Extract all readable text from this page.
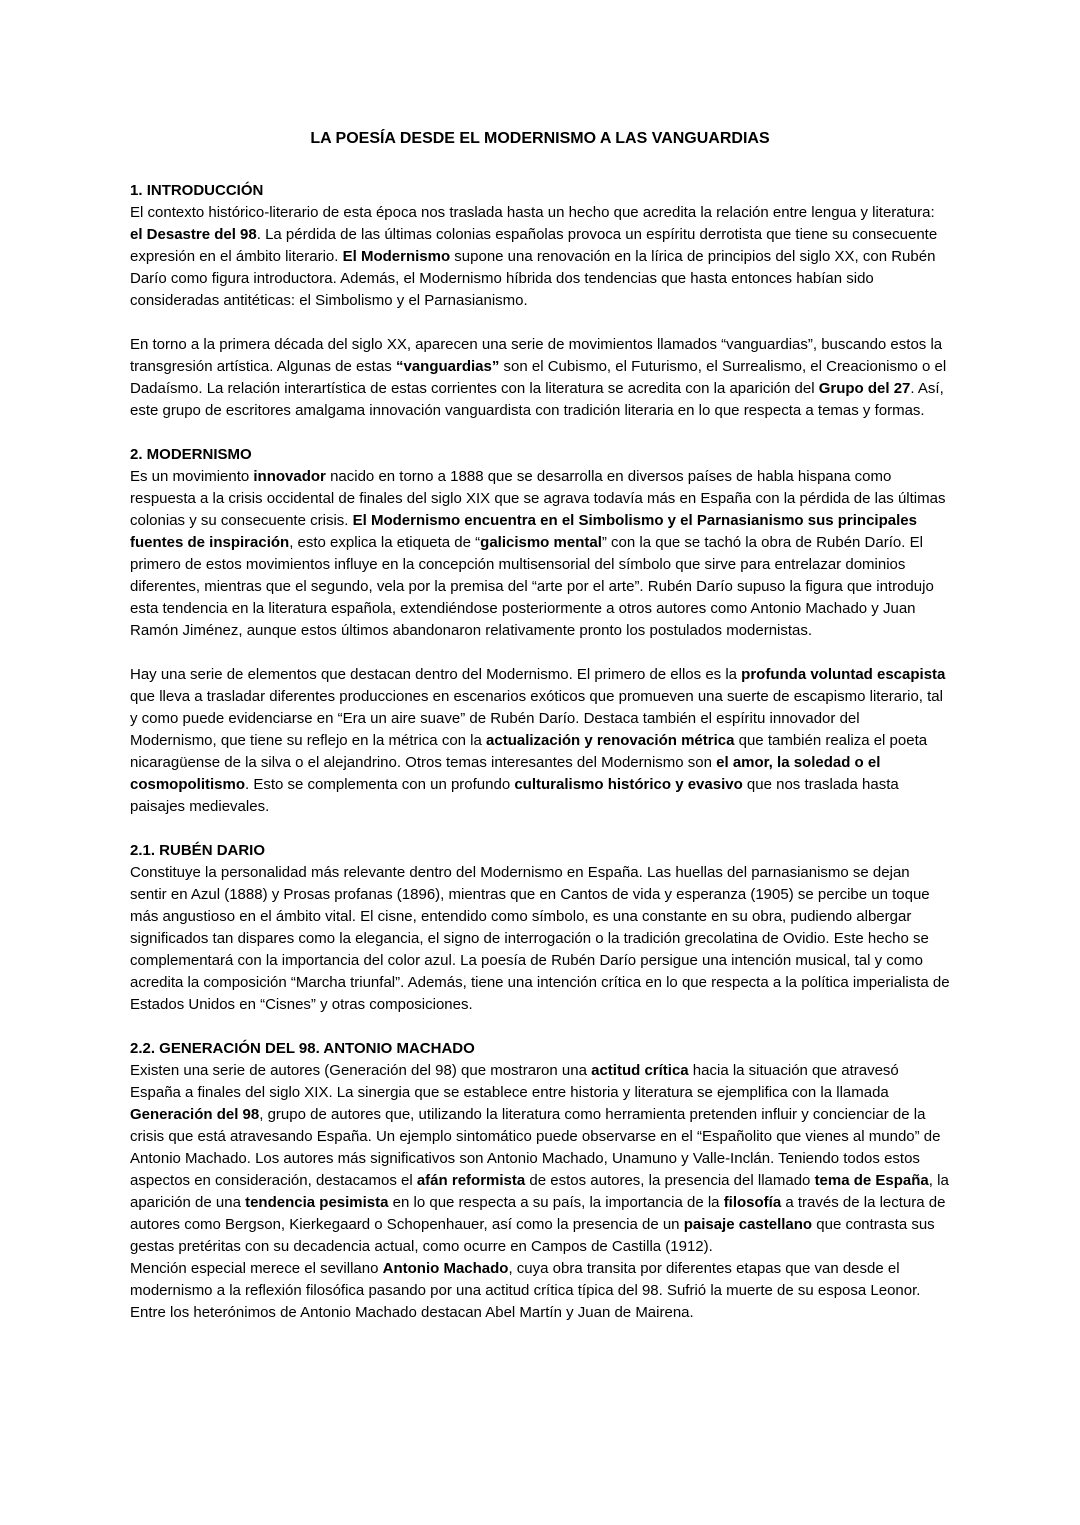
LA POESÍA DESDE EL MODERNISMO A LAS VANGUARDIAS

1. INTRODUCCIÓN

El contexto histórico-literario de esta época nos traslada hasta un hecho que acredita la relación entre lengua y literatura: el Desastre del 98. La pérdida de las últimas colonias españolas provoca un espíritu derrotista que tiene su consecuente expresión en el ámbito literario. El Modernismo supone una renovación en la lírica de principios del siglo XX, con Rubén Darío como figura introductora. Además, el Modernismo híbrida dos tendencias que hasta entonces habían sido consideradas antitéticas: el Simbolismo y el Parnasianismo.

En torno a la primera década del siglo XX, aparecen una serie de movimientos llamados “vanguardias”, buscando estos la transgresión artística. Algunas de estas “vanguardias” son el Cubismo, el Futurismo, el Surrealismo, el Creacionismo o el Dadaísmo. La relación interartística de estas corrientes con la literatura se acredita con la aparición del Grupo del 27. Así, este grupo de escritores amalgama innovación vanguardista con tradición literaria en lo que respecta a temas y formas.

2. MODERNISMO

Es un movimiento innovador nacido en torno a 1888 que se desarrolla en diversos países de habla hispana como respuesta a la crisis occidental de finales del siglo XIX que se agrava todavía más en España con la pérdida de las últimas colonias y su consecuente crisis. El Modernismo encuentra en el Simbolismo y el Parnasianismo sus principales fuentes de inspiración, esto explica la etiqueta de “galicismo mental” con la que se tachó la obra de Rubén Darío. El primero de estos movimientos influye en la concepción multisensorial del símbolo que sirve para entrelazar dominios diferentes, mientras que el segundo, vela por la premisa del “arte por el arte”. Rubén Darío supuso la figura que introdujo esta tendencia en la literatura española, extendiéndose posteriormente a otros autores como Antonio Machado y Juan Ramón Jiménez, aunque estos últimos abandonaron relativamente pronto los postulados modernistas.

Hay una serie de elementos que destacan dentro del Modernismo. El primero de ellos es la profunda voluntad escapista que lleva a trasladar diferentes producciones en escenarios exóticos que promueven una suerte de escapismo literario, tal y como puede evidenciarse en “Era un aire suave” de Rubén Darío. Destaca también el espíritu innovador del Modernismo, que tiene su reflejo en la métrica con la actualización y renovación métrica que también realiza el poeta nicaragüense de la silva o el alejandrino. Otros temas interesantes del Modernismo son el amor, la soledad o el cosmopolitismo. Esto se complementa con un profundo culturalismo histórico y evasivo que nos traslada hasta paisajes medievales.

2.1. RUBÉN DARIO

Constituye la personalidad más relevante dentro del Modernismo en España. Las huellas del parnasianismo se dejan sentir en Azul (1888) y Prosas profanas (1896), mientras que en Cantos de vida y esperanza (1905) se percibe un toque más angustioso en el ámbito vital. El cisne, entendido como símbolo, es una constante en su obra, pudiendo albergar significados tan dispares como la elegancia, el signo de interrogación o la tradición grecolatina de Ovidio. Este hecho se complementará con la importancia del color azul. La poesía de Rubén Darío persigue una intención musical, tal y como acredita la composición “Marcha triunfal”. Además, tiene una intención crítica en lo que respecta a la política imperialista de Estados Unidos en “Cisnes” y otras composiciones.

2.2. GENERACIÓN DEL 98. ANTONIO MACHADO

Existen una serie de autores (Generación del 98) que mostraron una actitud crítica hacia la situación que atravesó España a finales del siglo XIX. La sinergia que se establece entre historia y literatura se ejemplifica con la llamada Generación del 98, grupo de autores que, utilizando la literatura como herramienta pretenden influir y concienciar de la crisis que está atravesando España. Un ejemplo sintomático puede observarse en el “Españolito que vienes al mundo” de Antonio Machado. Los autores más significativos son Antonio Machado, Unamuno y Valle-Inclán. Teniendo todos estos aspectos en consideración, destacamos el afán reformista de estos autores, la presencia del llamado tema de España, la aparición de una tendencia pesimista en lo que respecta a su país, la importancia de la filosofía a través de la lectura de autores como Bergson, Kierkegaard o Schopenhauer, así como la presencia de un paisaje castellano que contrasta sus gestas pretéritas con su decadencia actual, como ocurre en Campos de Castilla (1912).

Mención especial merece el sevillano Antonio Machado, cuya obra transita por diferentes etapas que van desde el modernismo a la reflexión filosófica pasando por una actitud crítica típica del 98. Sufrió la muerte de su esposa Leonor. Entre los heterónimos de Antonio Machado destacan Abel Martín y Juan de Mairena.
